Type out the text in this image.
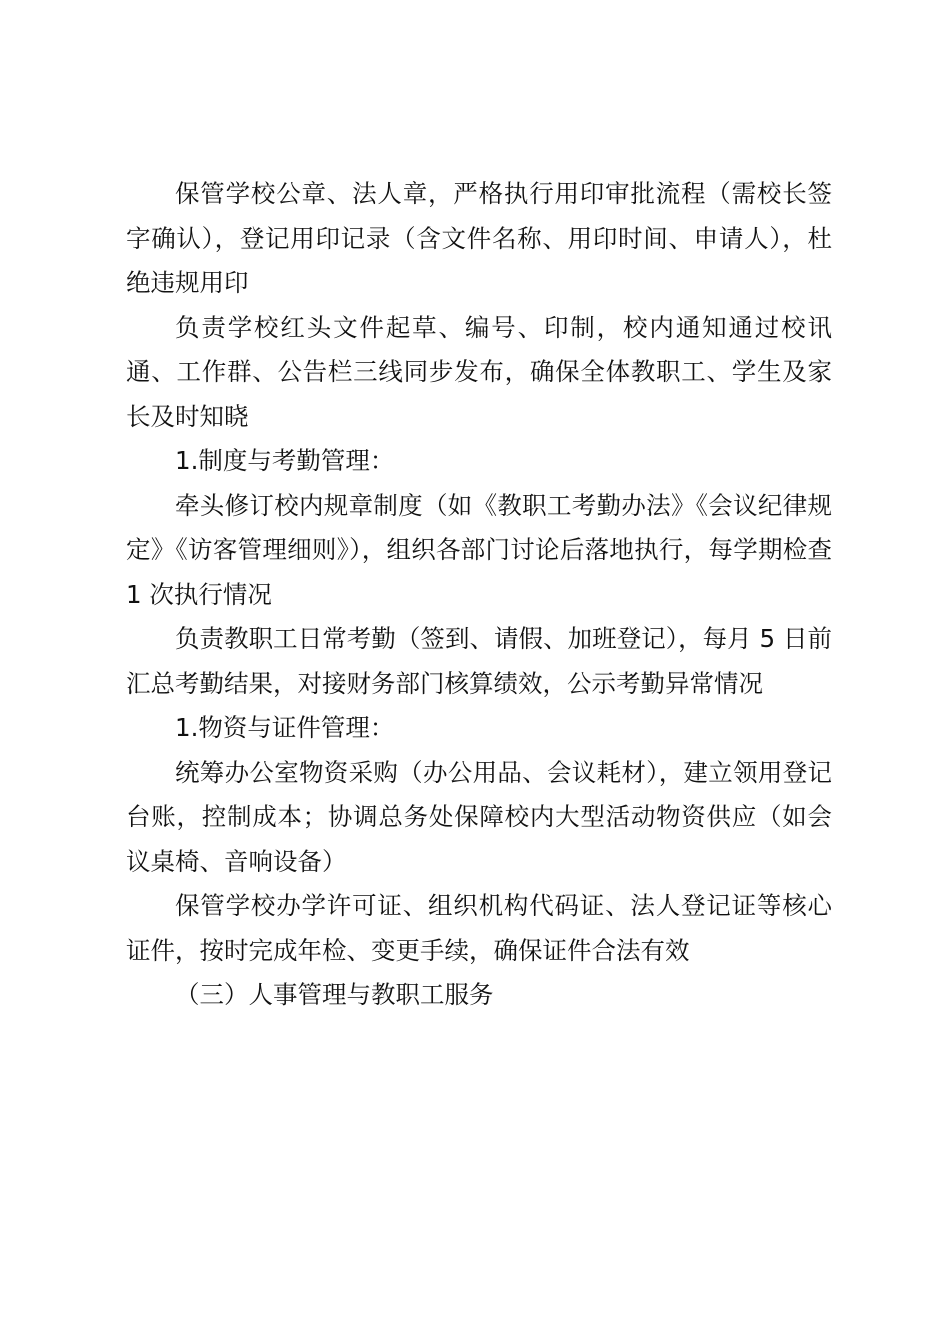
保管学校公章、法人章，严格执行用印审批流程（需校长签字确认），登记用印记录（含文件名称、用印时间、申请人），杜绝违规用印

负责学校红头文件起草、编号、印制，校内通知通过校讯通、工作群、公告栏三线同步发布，确保全体教职工、学生及家长及时知晓

1.制度与考勤管理：

牵头修订校内规章制度（如《教职工考勤办法》《会议纪律规定》《访客管理细则》），组织各部门讨论后落地执行，每学期检查 1 次执行情况

负责教职工日常考勤（签到、请假、加班登记），每月 5 日前汇总考勤结果，对接财务部门核算绩效，公示考勤异常情况

1.物资与证件管理：

统筹办公室物资采购（办公用品、会议耗材），建立领用登记台账，控制成本；协调总务处保障校内大型活动物资供应（如会议桌椅、音响设备）

保管学校办学许可证、组织机构代码证、法人登记证等核心证件，按时完成年检、变更手续，确保证件合法有效

（三）人事管理与教职工服务
